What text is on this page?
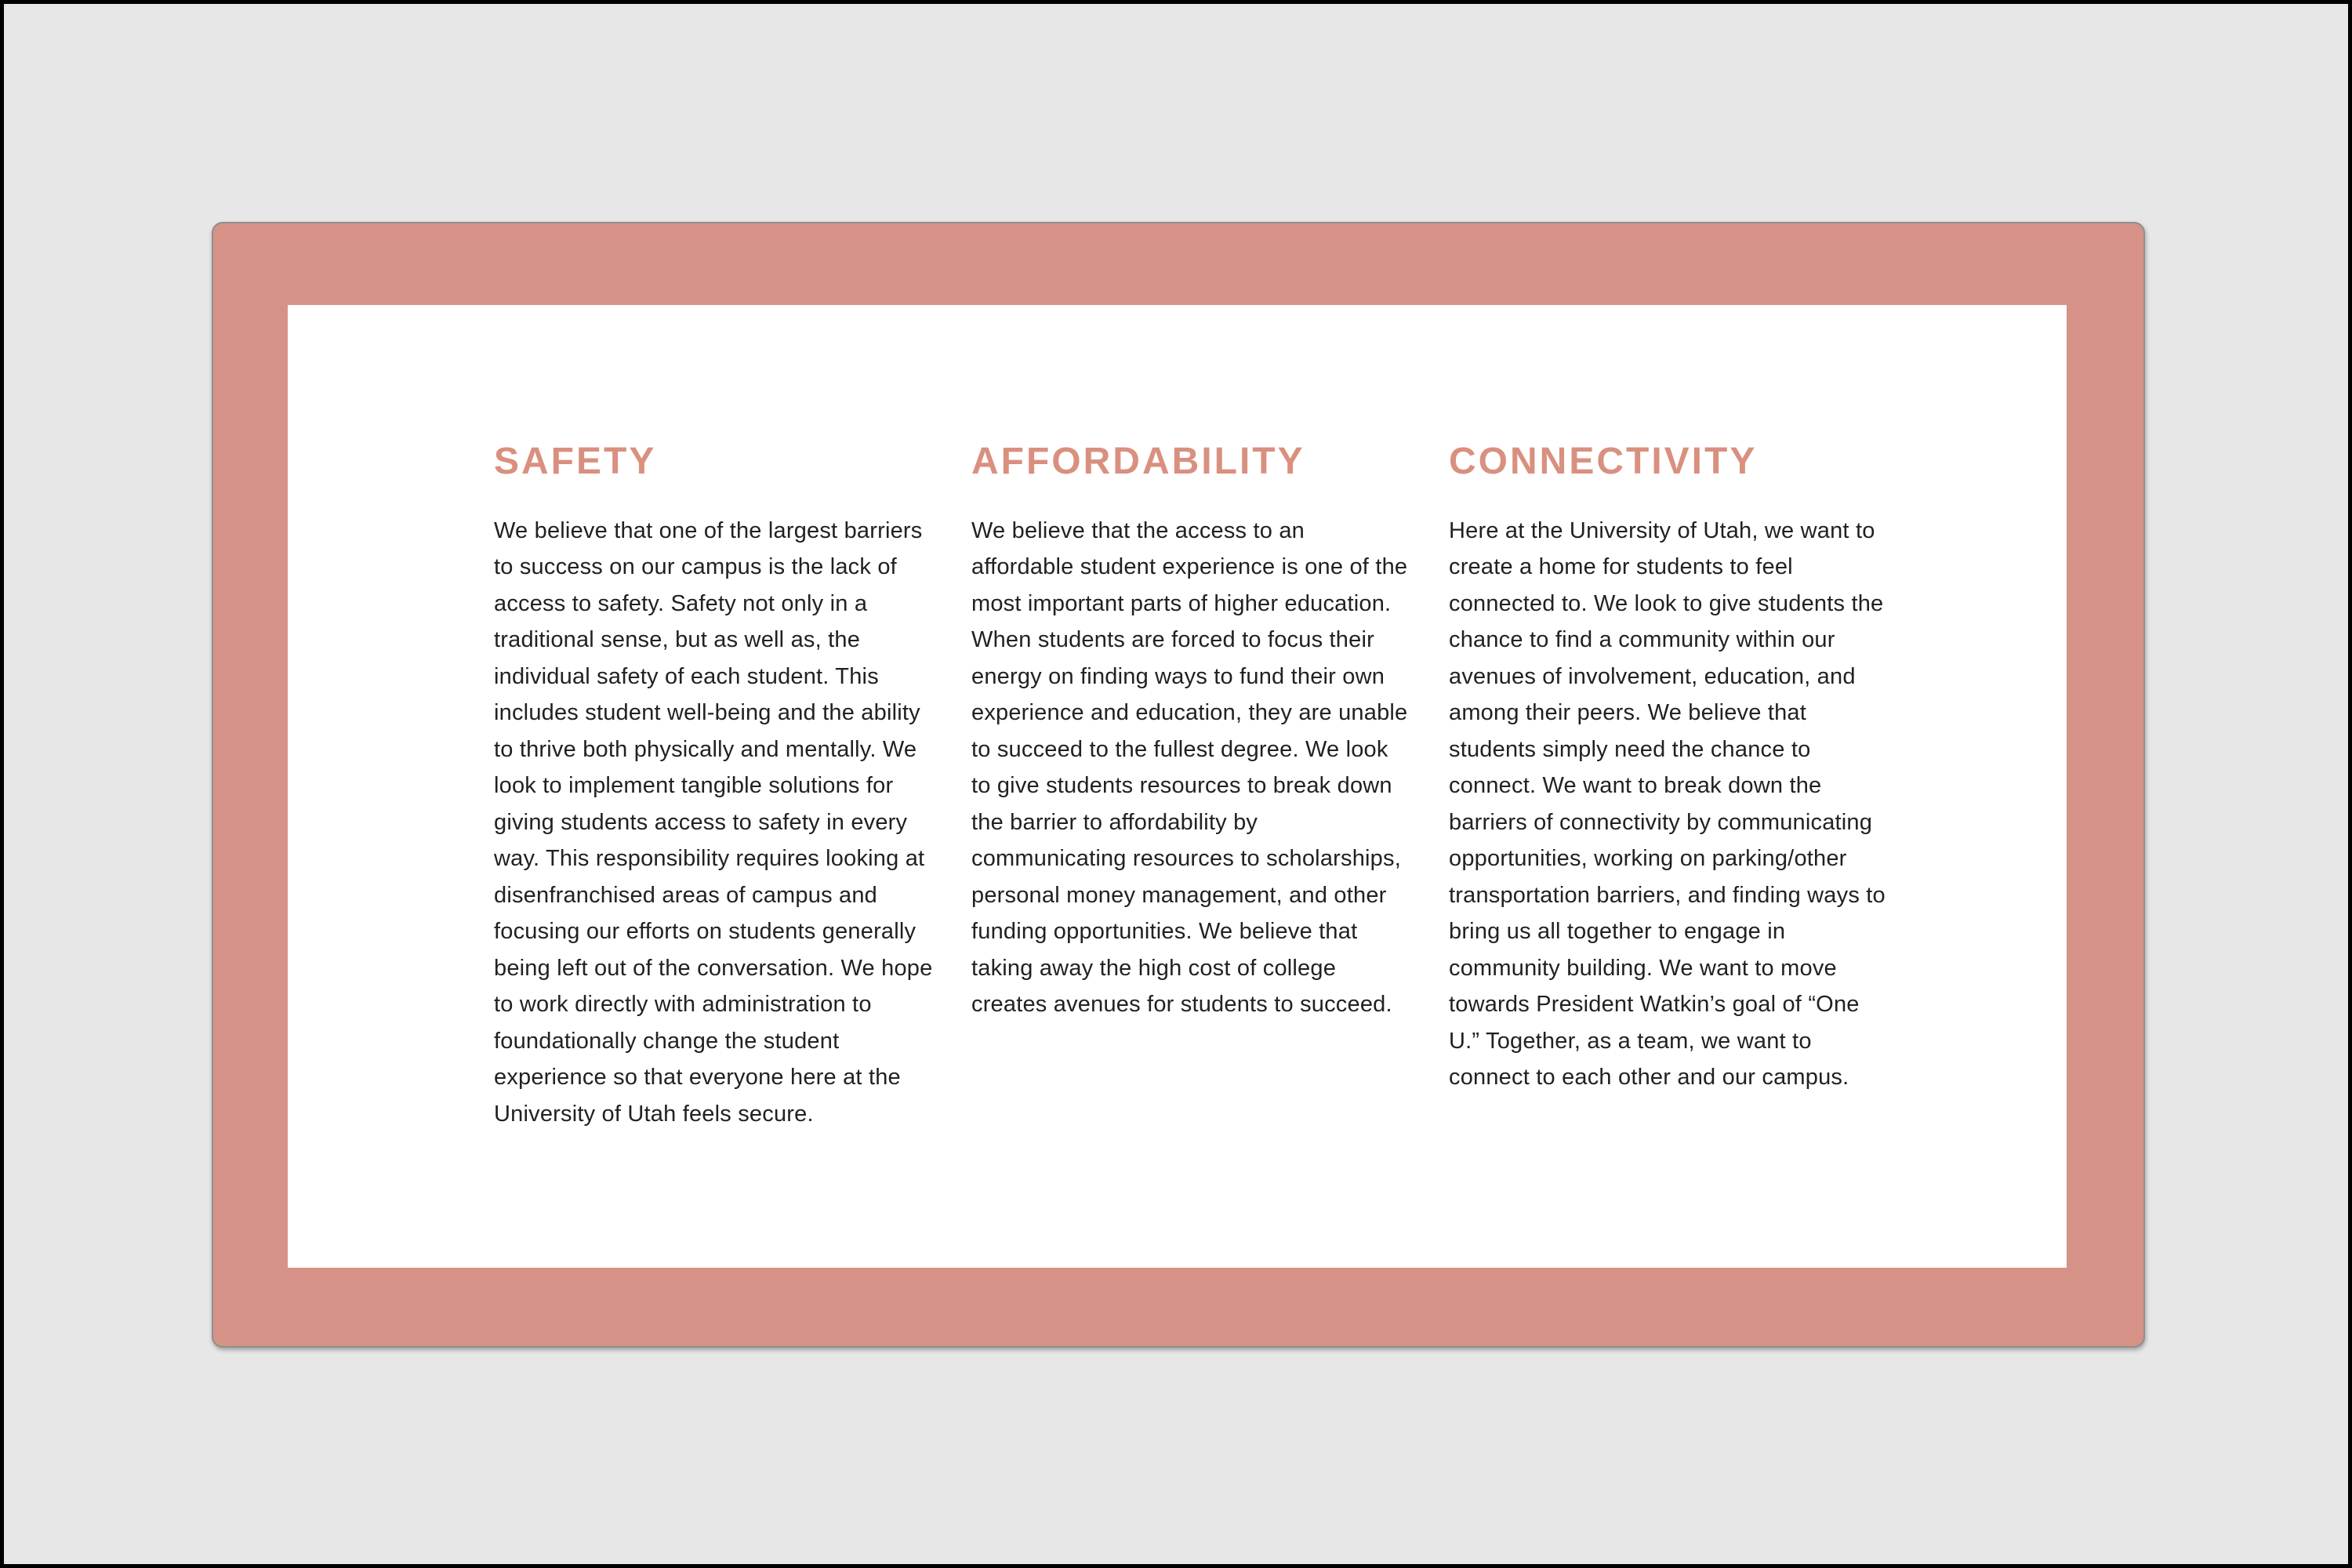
SAFETY
We believe that one of the largest barriers to success on our campus is the lack of access to safety. Safety not only in a traditional sense, but as well as, the individual safety of each student. This includes student well-being and the ability to thrive both physically and mentally. We look to implement tangible solutions for giving students access to safety in every way. This responsibility requires looking at disenfranchised areas of campus and focusing our efforts on students generally being left out of the conversation. We hope to work directly with administration to foundationally change the student experience so that everyone here at the University of Utah feels secure.
AFFORDABILITY
We believe that the access to an affordable student experience is one of the most important parts of higher education. When students are forced to focus their energy on finding ways to fund their own experience and education, they are unable to succeed to the fullest degree. We look to give students resources to break down the barrier to affordability by communicating resources to scholarships, personal money management, and other funding opportunities. We believe that taking away the high cost of college creates avenues for students to succeed.
CONNECTIVITY
Here at the University of Utah, we want to create a home for students to feel connected to. We look to give students the chance to find a community within our avenues of involvement, education, and among their peers. We believe that students simply need the chance to connect. We want to break down the barriers of connectivity by communicating opportunities, working on parking/other transportation barriers, and finding ways to bring us all together to engage in community building. We want to move towards President Watkin’s goal of “One U.” Together, as a team, we want to connect to each other and our campus.
